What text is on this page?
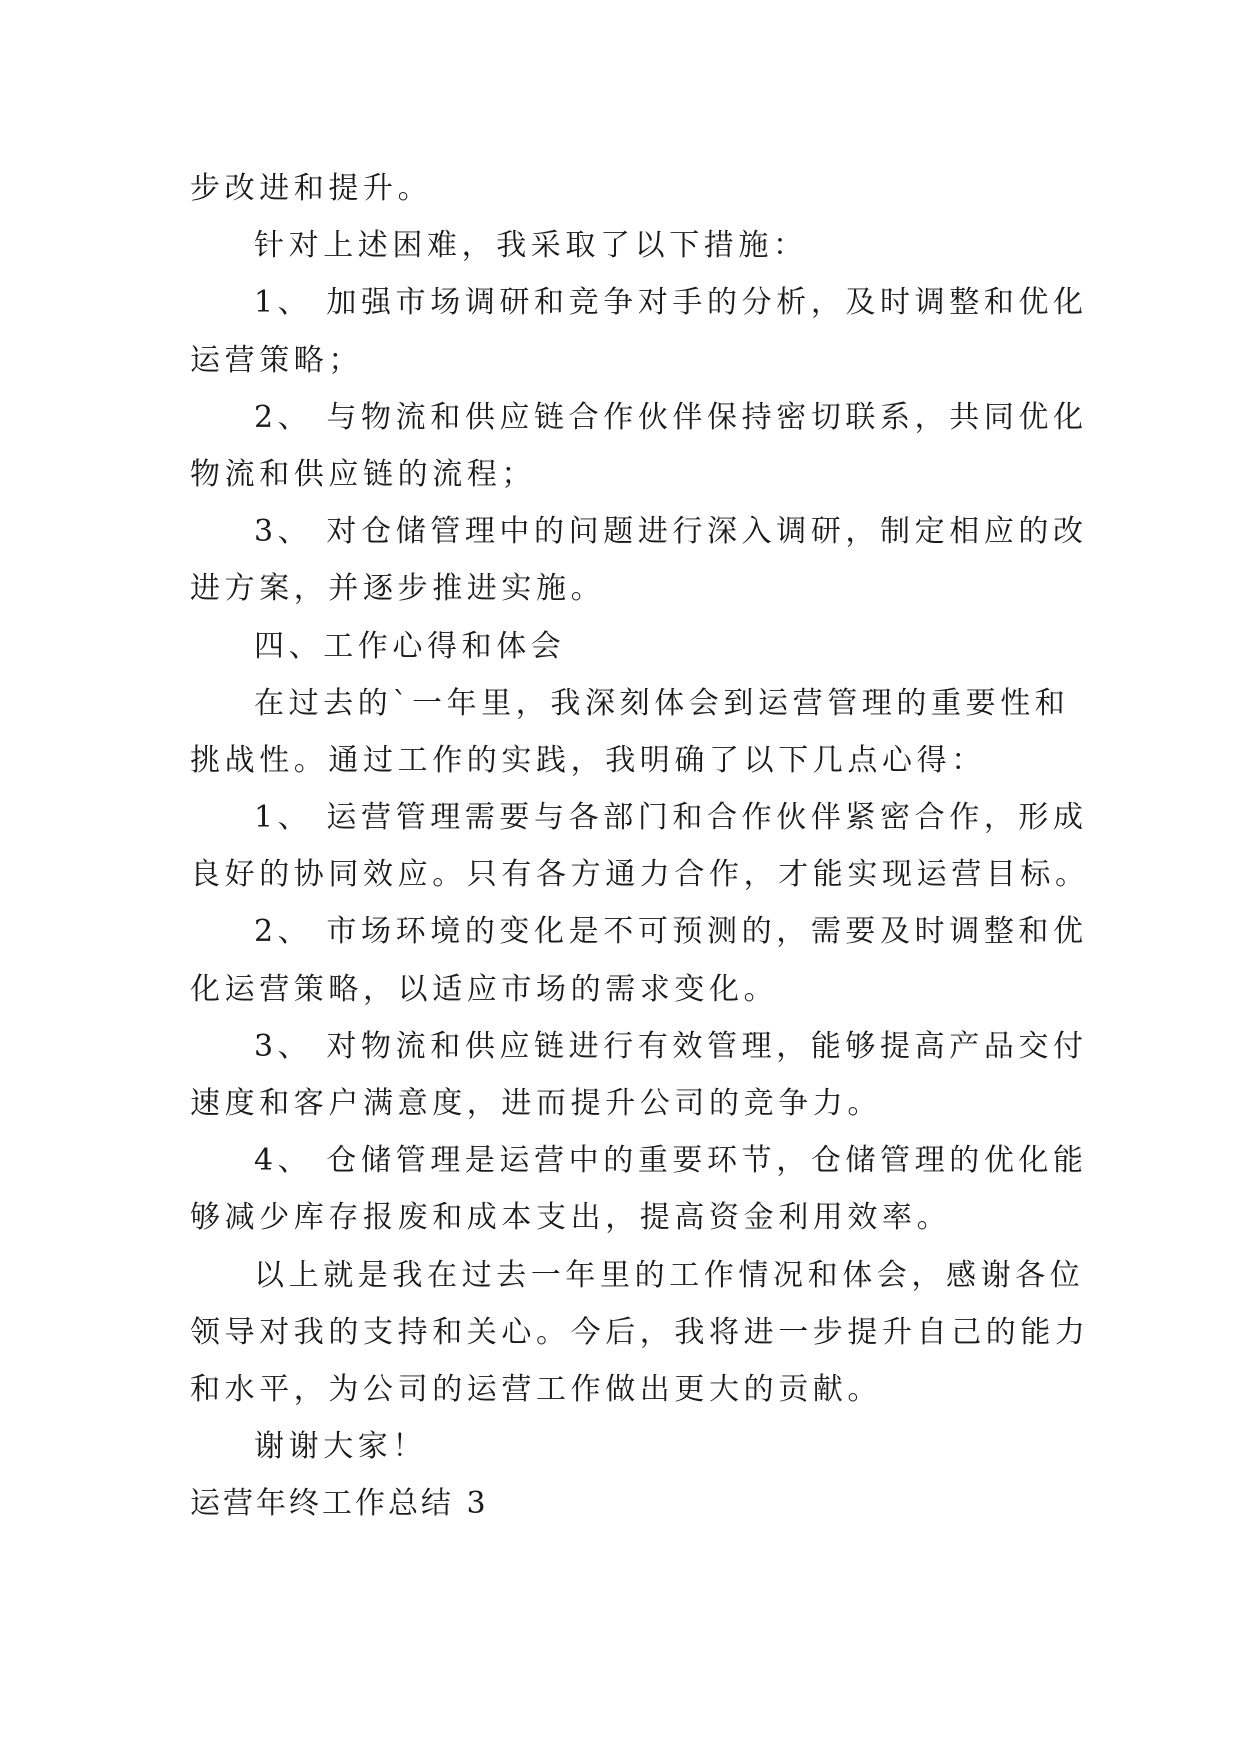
步改进和提升。
针对上述困难，我采取了以下措施：
1、 加强市场调研和竞争对手的分析，及时调整和优化
运营策略；
2、 与物流和供应链合作伙伴保持密切联系，共同优化
物流和供应链的流程；
3、 对仓储管理中的问题进行深入调研，制定相应的改
进方案，并逐步推进实施。
四、工作心得和体会
在过去的`一年里，我深刻体会到运营管理的重要性和
挑战性。通过工作的实践，我明确了以下几点心得：
1、 运营管理需要与各部门和合作伙伴紧密合作，形成
良好的协同效应。只有各方通力合作，才能实现运营目标。
2、 市场环境的变化是不可预测的，需要及时调整和优
化运营策略，以适应市场的需求变化。
3、 对物流和供应链进行有效管理，能够提高产品交付
速度和客户满意度，进而提升公司的竞争力。
4、 仓储管理是运营中的重要环节，仓储管理的优化能
够减少库存报废和成本支出，提高资金利用效率。
以上就是我在过去一年里的工作情况和体会，感谢各位
领导对我的支持和关心。今后，我将进一步提升自己的能力
和水平，为公司的运营工作做出更大的贡献。
谢谢大家！
运营年终工作总结 3
